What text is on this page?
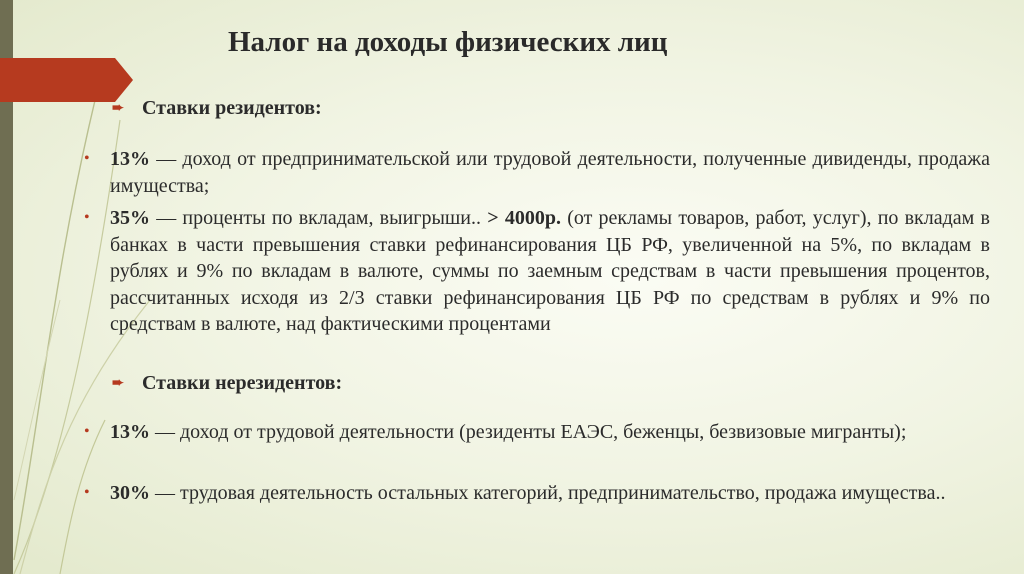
Налог на доходы физических лиц
➨ Ставки резидентов:
• 13% — доход от предпринимательской или трудовой деятельности, полученные дивиденды, продажа имущества;
• 35% — проценты по вкладам, выигрыши.. > 4000р. (от рекламы товаров, работ, услуг), по вкладам в банках в части превышения ставки рефинансирования ЦБ РФ, увеличенной на 5%, по вкладам в рублях и 9% по вкладам в валюте, суммы по заемным средствам в части превышения процентов, рассчитанных исходя из 2/3 ставки рефинансирования ЦБ РФ по средствам в рублях и 9% по средствам в валюте, над фактическими процентами
➨ Ставки нерезидентов:
• 13% — доход от трудовой деятельности (резиденты ЕАЭС, беженцы, безвизовые мигранты);
• 30% — трудовая деятельность остальных категорий, предпринимательство, продажа имущества..
